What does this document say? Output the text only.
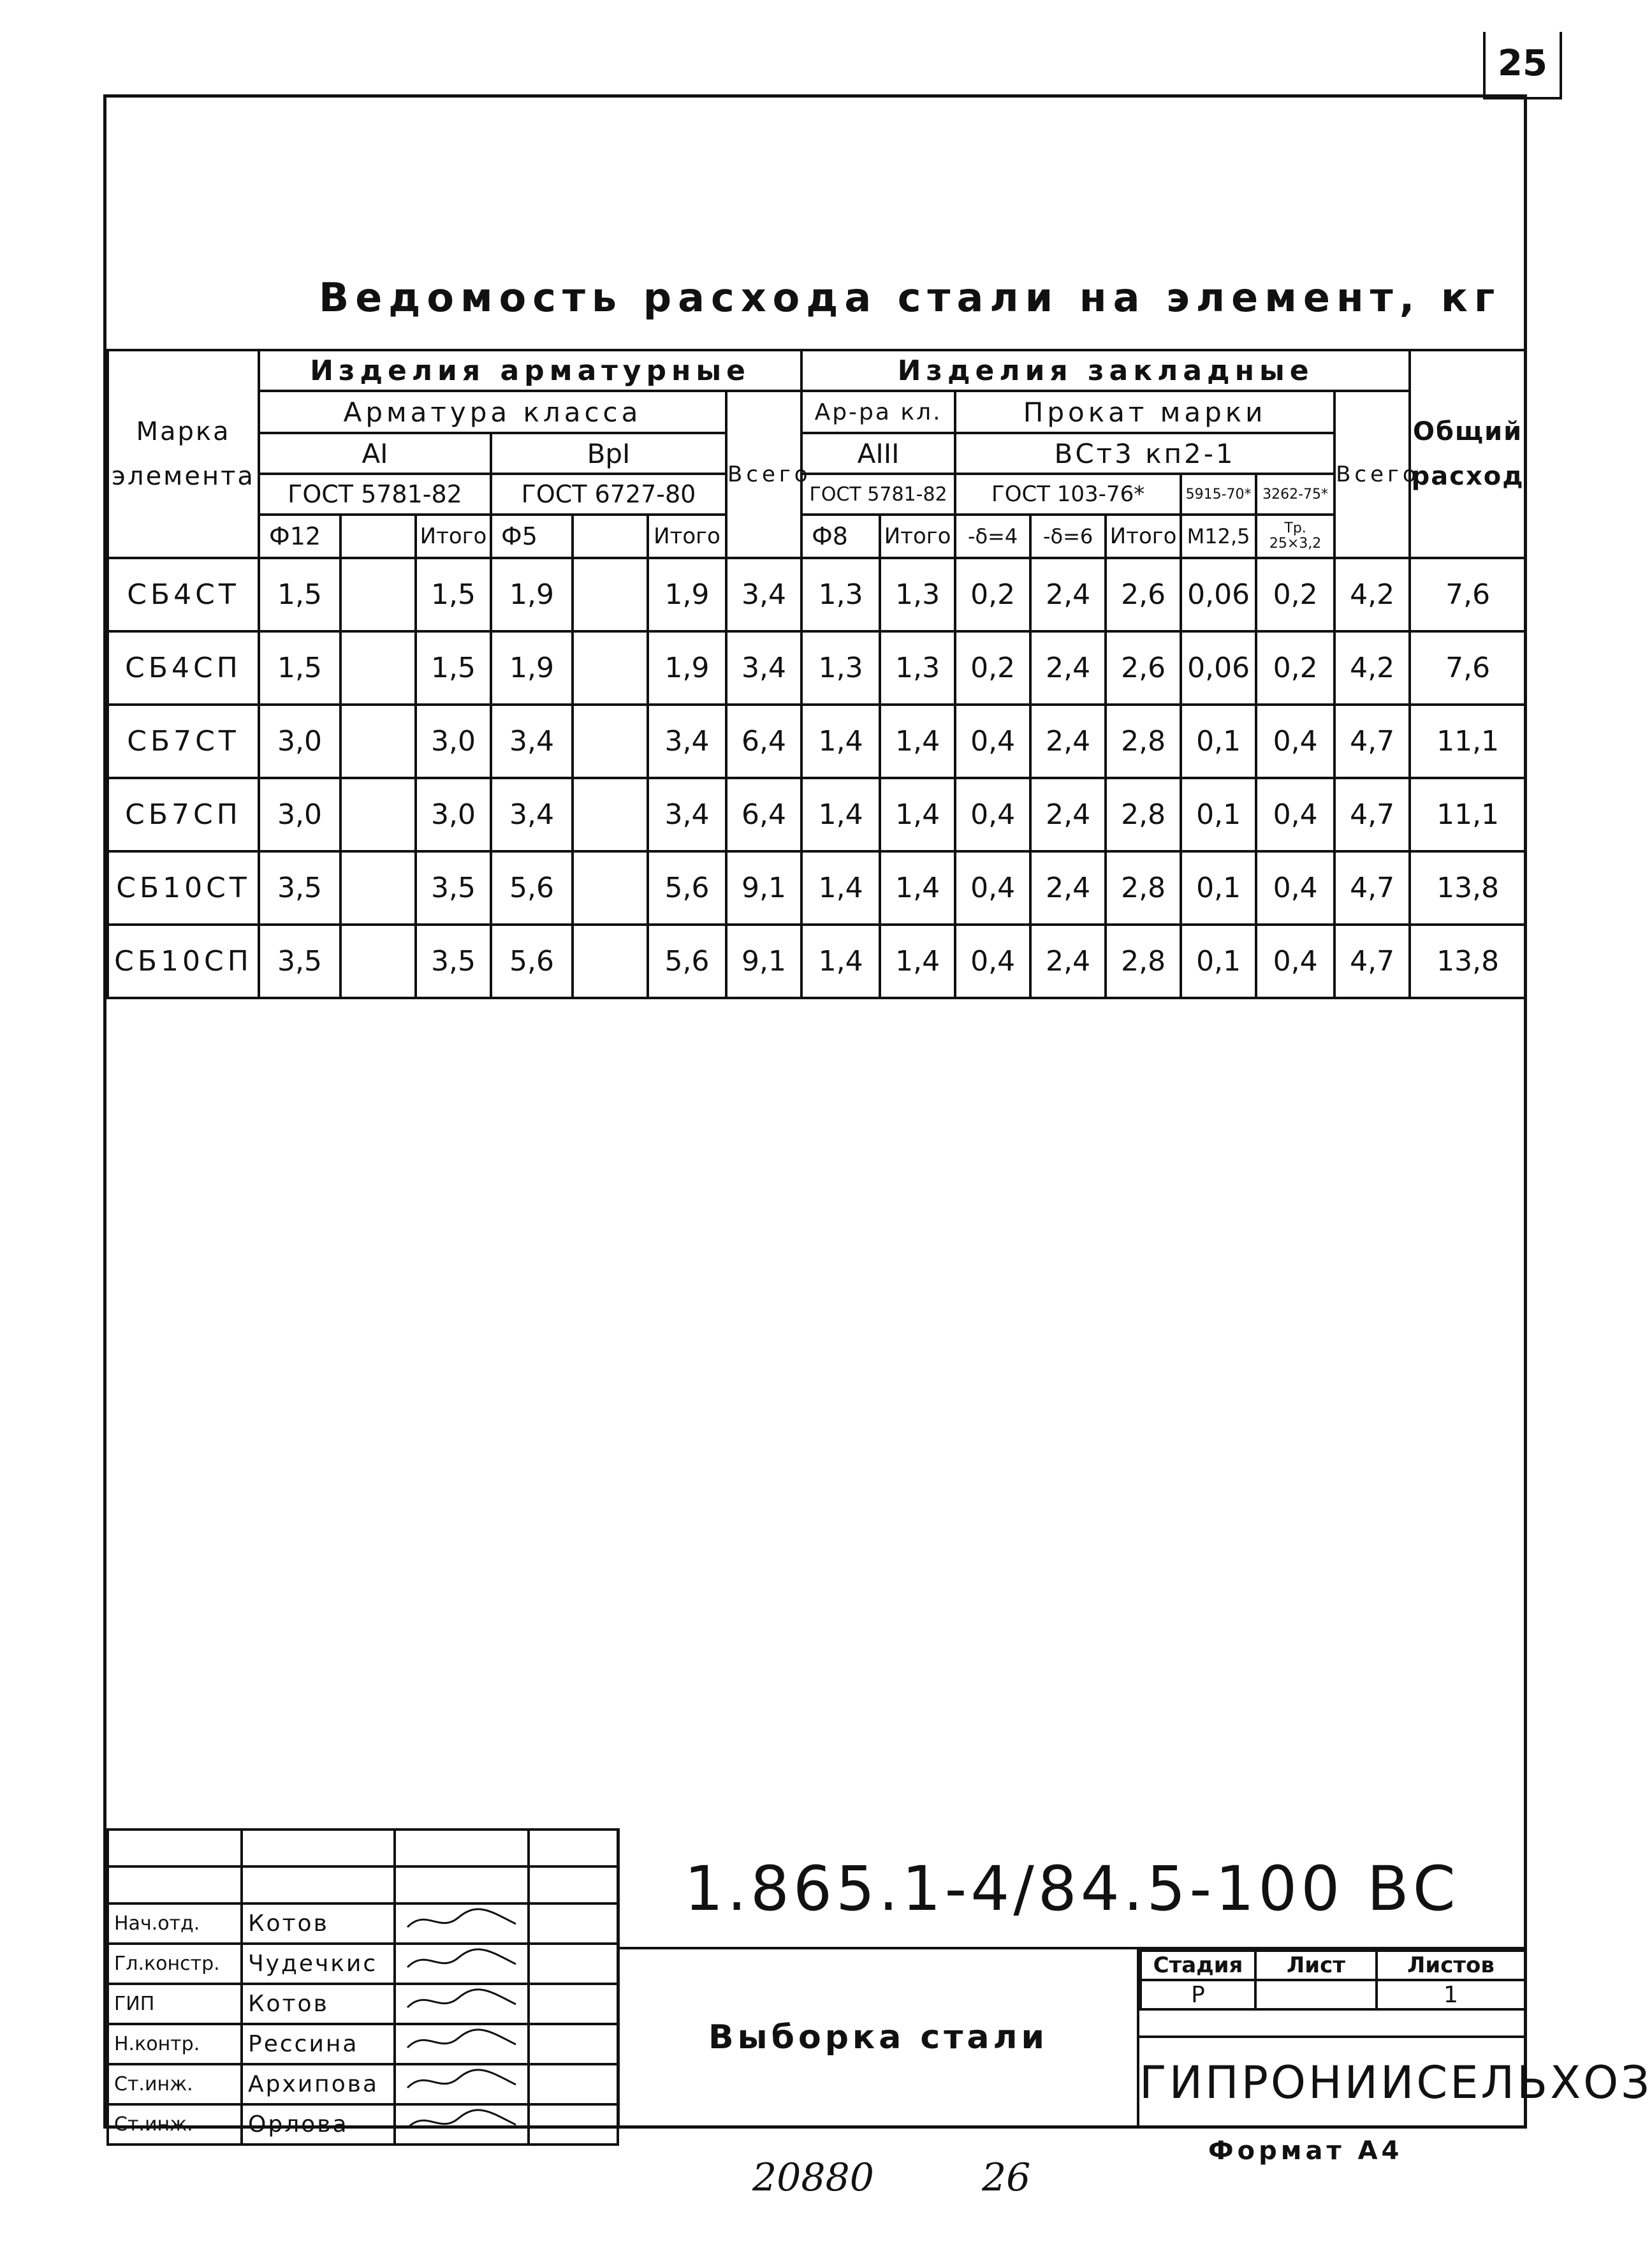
25
Ведомость расхода стали на элемент, кг
Марка элемента	Изделия арматурные							Изделия закладные								Общий расход
	Арматура класса						Всего	Ар-ра кл.		Прокат марки					Всего	
	АI			ВрI				АIII		ВСт3 кп2-1						
	ГОСТ 5781-82			ГОСТ 6727-80				ГОСТ 5781-82		ГОСТ 103-76*			5915-70*	3262-75*		
	Ф12		Итого	Ф5		Итого		Ф8	Итого	-δ=4	-δ=6	Итого	М12,5	Тр. 25×3,2		
СБ4СТ	1,5		1,5	1,9		1,9	3,4	1,3	1,3	0,2	2,4	2,6	0,06	0,2	4,2	7,6
СБ4СП	1,5		1,5	1,9		1,9	3,4	1,3	1,3	0,2	2,4	2,6	0,06	0,2	4,2	7,6
СБ7СТ	3,0		3,0	3,4		3,4	6,4	1,4	1,4	0,4	2,4	2,8	0,1	0,4	4,7	11,1
СБ7СП	3,0		3,0	3,4		3,4	6,4	1,4	1,4	0,4	2,4	2,8	0,1	0,4	4,7	11,1
СБ10СТ	3,5		3,5	5,6		5,6	9,1	1,4	1,4	0,4	2,4	2,8	0,1	0,4	4,7	13,8
СБ10СП	3,5		3,5	5,6		5,6	9,1	1,4	1,4	0,4	2,4	2,8	0,1	0,4	4,7	13,8

Нач.отд.	Котов		
Гл.констр.	Чудечкис		
ГИП	Котов		
Н.контр.	Рессина		
Ст.инж.	Архипова		
Ст.инж.	Орлова		
1.865.1-4/84.5-100 ВС
Выборка стали
Стадия	Лист	Листов
Р		1
ГИПРОНИИСЕЛЬХОЗ
20880	26
Формат А4
